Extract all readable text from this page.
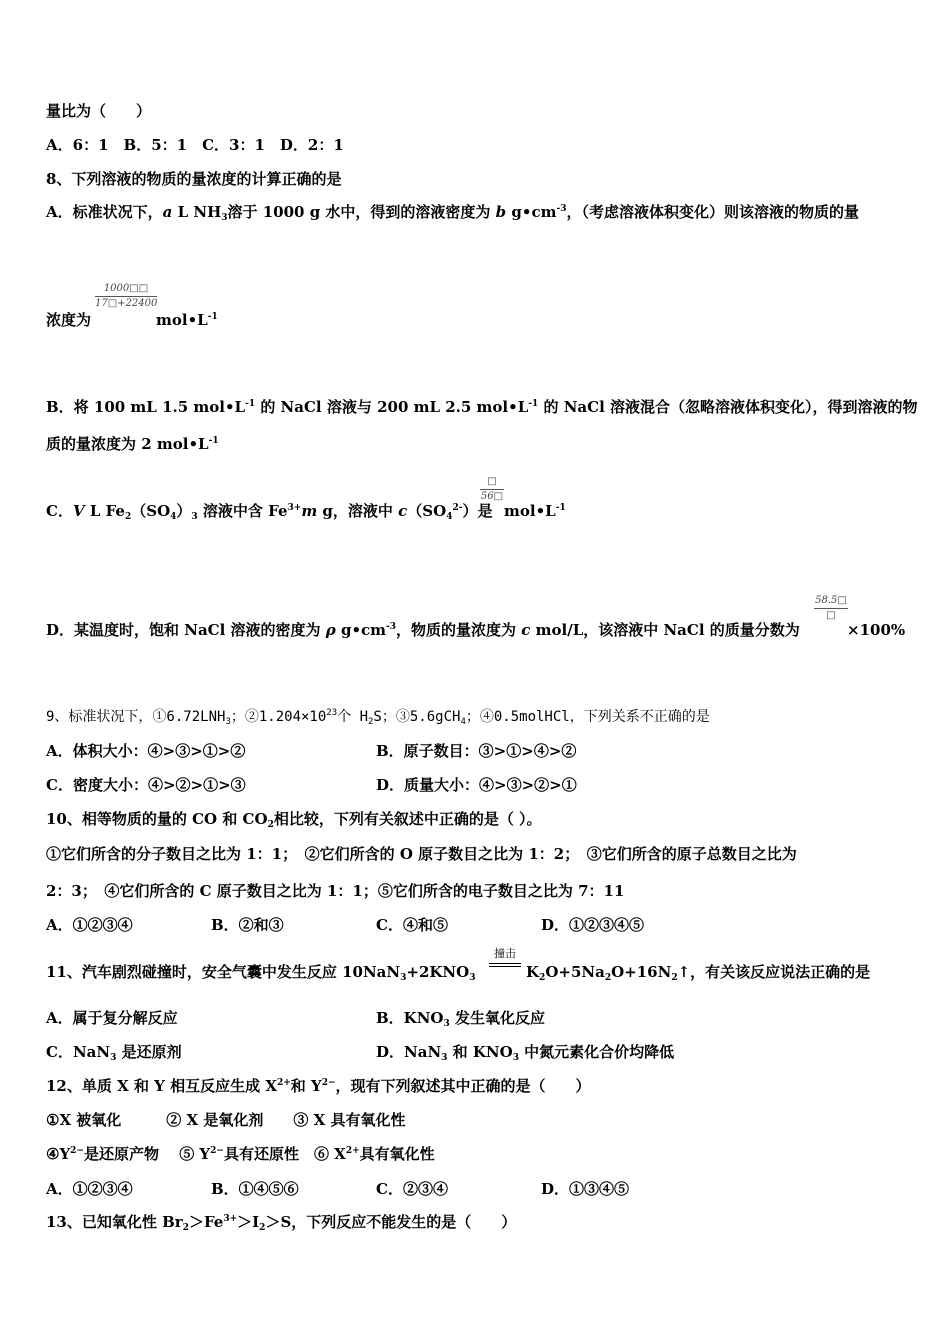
量比为（　　）
A．6：1　B．5：1　C．3：1　D．2：1
8、下列溶液的物质的量浓度的计算正确的是
A．标准状况下，a L $NH_3$溶于 1000 g 水中，得到的溶液密度为 b $g•cm^{-3}$，（考虑溶液体积变化）则该溶液的物质的量
浓度为
1000□□
17□+22400
$mol•L^{-1}$
B．将 100 mL 1.5 $mol•L^{-1}$ 的 NaCl 溶液与 200 mL 2.5 $mol•L^{-1}$ 的 NaCl 溶液混合（忽略溶液体积变化），得到溶液的物
质的量浓度为 2 $mol•L^{-1}$
C．V L $Fe_2(SO_4)_3$ 溶液中含 $Fe^{3+}m$ g，溶液中 $c(SO_4^{2-})$是
□
56□
$mol•L^{-1}$
D．某温度时，饱和 NaCl 溶液的密度为 ρ $g•cm^{-3}$，物质的量浓度为 c mol/L，该溶液中 NaCl 的质量分数为
58.5□
□
×100%
9、标准状况下，$①6.72LNH_3$；$②1.204\times 10^{23}$个 $H_2S$；③5.6gCH$_4$；④0.5molHCl，下列关系不正确的是
A．体积大小：④>③>①>②	B．原子数目：③>①>④>②
C．密度大小：④>②>①>③	D．质量大小：④>③>②>①
10、相等物质的量的 CO 和 $CO_2$相比较，下列有关叙述中正确的是（ ）。
①它们所含的分子数目之比为 1：1；　②它们所含的 O 原子数目之比为 1：2；　③它们所含的原子总数目之比为
2：3；　④它们所含的 C 原子数目之比为 1：1；⑤它们所含的电子数目之比为 7：11
A．①②③④	B．②和③	C．④和⑤	D．①②③④⑤
11、汽车剧烈碰撞时，安全气囊中发生反应 $10NaN_3+2KNO_3$
撞击
$K_2O+5Na_2O+16N_2↑$，有关该反应说法正确的是
A．属于复分解反应	B．$KNO_3$ 发生氧化反应
C．NaN$_3$ 是还原剂	D．NaN$_3$ 和 $KNO_3$ 中氮元素化合价均降低
12、单质 X 和 Y 相互反应生成 $X^{2+}$和 $Y^{2-}$，现有下列叙述其中正确的是（　　）
①X 被氧化　　　② X 是氧化剂　　③ X 具有氧化性
$④Y^{2-}$是还原产物　 ⑤ $Y^{2-}$具有还原性　⑥ $X^{2+}$具有氧化性
A．①②③④	B．①④⑤⑥	C．②③④	D．①③④⑤
13、已知氧化性 $Br_2>Fe^{3+}>I_2>S$，下列反应不能发生的是（　　）
